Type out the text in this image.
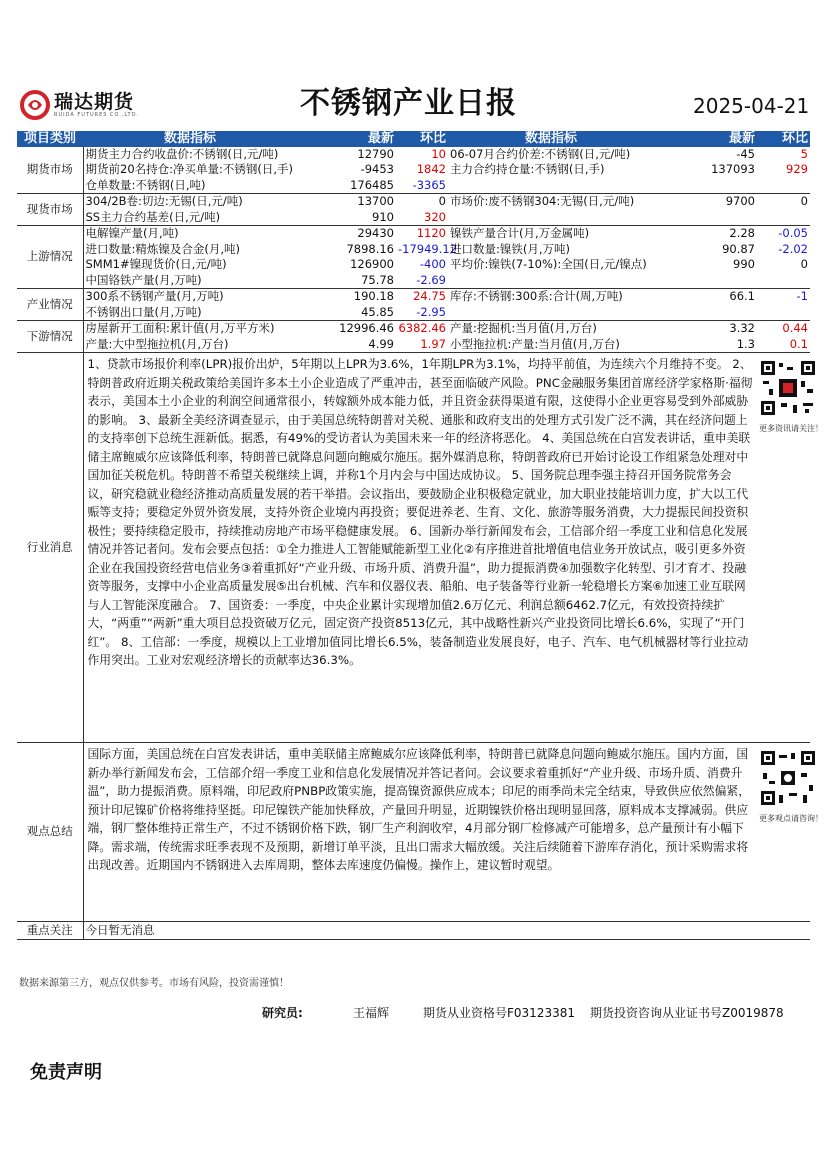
瑞达期货
RUIDA FUTURES CO.,LTD.	不锈钢产业日报	2025-04-21
项目类别	数据指标	最新	环比	数据指标	最新	环比
期货市场	期货主力合约收盘价:不锈钢(日,元/吨)	12790	10	06-07月合约价差:不锈钢(日,元/吨)	-45	5
	期货前20名持仓:净买单量:不锈钢(日,手)	-9453	1842	主力合约持仓量:不锈钢(日,手)	137093	929
	仓单数量:不锈钢(日,吨)	176485	-3365			
现货市场	304/2B卷:切边:无锡(日,元/吨)	13700	0	市场价:废不锈钢304:无锡(日,元/吨)	9700	0
	SS主力合约基差(日,元/吨)	910	320			
上游情况	电解镍产量(月,吨)	29430	1120	镍铁产量合计(月,万金属吨)	2.28	-0.05
	进口数量:精炼镍及合金(月,吨)	7898.16	-17949.12	进口数量:镍铁(月,万吨)	90.87	-2.02
	SMM1#镍现货价(日,元/吨)	126900	-400	平均价:镍铁(7-10%):全国(日,元/镍点)	990	0
	中国铬铁产量(月,万吨)	75.78	-2.69			
产业情况	300系不锈钢产量(月,万吨)	190.18	24.75	库存:不锈钢:300系:合计(周,万吨)	66.1	-1
	不锈钢出口量(月,万吨)	45.85	-2.95			
下游情况	房屋新开工面积:累计值(月,万平方米)	12996.46	6382.46	产量:挖掘机:当月值(月,万台)	3.32	0.44
	产量:大中型拖拉机(月,万台)	4.99	1.97	小型拖拉机:产量:当月值(月,万台)	1.3	0.1
行业消息	1、贷款市场报价利率(LPR)报价出炉，5年期以上LPR为3.6%，1年期LPR为3.1%，均持平前值，为连续六个月维持不变。 2、特朗普政府近期关税政策给美国许多本土小企业造成了严重冲击，甚至面临破产风险。PNC金融服务集团首席经济学家格斯·福彻表示，美国本土小企业的利润空间通常很小，转嫁额外成本能力低，并且资金获得渠道有限，这使得小企业更容易受到外部威胁的影响。 3、最新全美经济调查显示，由于美国总统特朗普对关税、通胀和政府支出的处理方式引发广泛不满，其在经济问题上的支持率创下总统生涯新低。据悉，有49%的受访者认为美国未来一年的经济将恶化。 4、美国总统在白宫发表讲话，重申美联储主席鲍威尔应该降低利率，特朗普已就降息问题向鲍威尔施压。据外媒消息称，特朗普政府已开始讨论设工作组紧急处理对中国加征关税危机。特朗普不希望关税继续上调，并称1个月内会与中国达成协议。 5、国务院总理李强主持召开国务院常务会议，研究稳就业稳经济推动高质量发展的若干举措。会议指出，要鼓励企业积极稳定就业，加大职业技能培训力度，扩大以工代赈等支持；要稳定外贸外资发展，支持外资企业境内再投资；要促进养老、生育、文化、旅游等服务消费，大力提振民间投资积极性；要持续稳定股市，持续推动房地产市场平稳健康发展。 6、国新办举行新闻发布会，工信部介绍一季度工业和信息化发展情况并答记者问。发布会要点包括：①全力推进人工智能赋能新型工业化②有序推进首批增值电信业务开放试点，吸引更多外资企业在我国投资经营电信业务③着重抓好“产业升级、市场升质、消费升温”，助力提振消费④加强数字化转型、引才育才、投融资等服务，支撑中小企业高质量发展⑤出台机械、汽车和仪器仪表、船舶、电子装备等行业新一轮稳增长方案⑥加速工业互联网与人工智能深度融合。 7、国资委：一季度，中央企业累计实现增加值2.6万亿元、利润总额6462.7亿元，有效投资持续扩大，“两重”“两新”重大项目总投资破万亿元，固定资产投资8513亿元，其中战略性新兴产业投资同比增长6.6%，实现了“开门红”。 8、工信部：一季度，规模以上工业增加值同比增长6.5%，装备制造业发展良好，电子、汽车、电气机械器材等行业拉动作用突出。工业对宏观经济增长的贡献率达36.3%。					更多资讯请关注！

观点总结	国际方面，美国总统在白宫发表讲话，重申美联储主席鲍威尔应该降低利率，特朗普已就降息问题向鲍威尔施压。国内方面，国新办举行新闻发布会，工信部介绍一季度工业和信息化发展情况并答记者问。会议要求着重抓好“产业升级、市场升质、消费升温”，助力提振消费。原料端，印尼政府PNBP政策实施，提高镍资源供应成本；印尼的雨季尚未完全结束，导致供应依然偏紧，预计印尼镍矿价格将维持坚挺。印尼镍铁产能加快释放，产量回升明显，近期镍铁价格出现明显回落，原料成本支撑减弱。供应端，钢厂整体维持正常生产，不过不锈钢价格下跌，钢厂生产利润收窄，4月部分钢厂检修减产可能增多，总产量预计有小幅下降。需求端，传统需求旺季表现不及预期，新增订单平淡，且出口需求大幅放缓。关注后续随着下游库存消化，预计采购需求将出现改善。近期国内不锈钢进入去库周期，整体去库速度仍偏慢。操作上，建议暂时观望。					更多观点请咨询！

重点关注	今日暂无消息					
数据来源第三方，观点仅供参考。市场有风险，投资需谨慎！
研究员:	王福辉	期货从业资格号F03123381 期货投资咨询从业证书号Z0019878
免责声明
